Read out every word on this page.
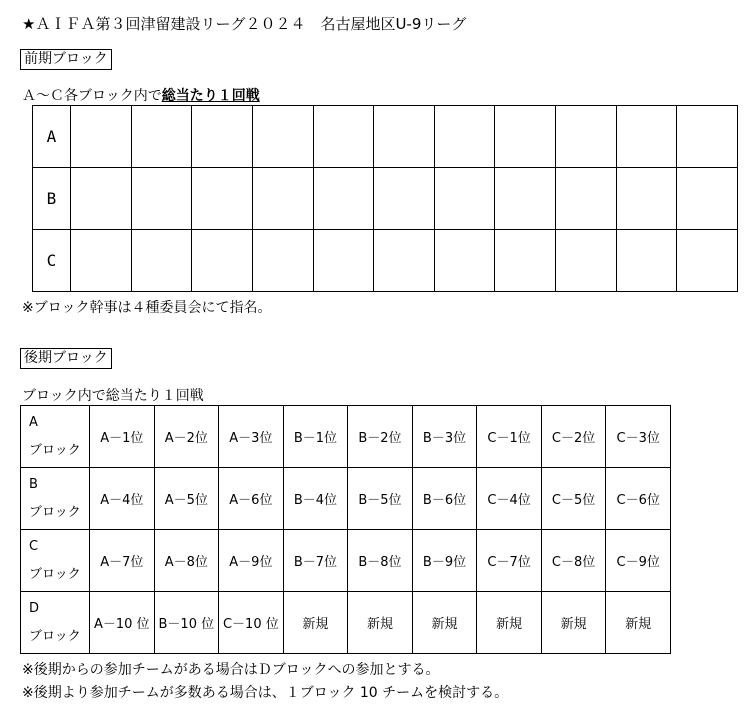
★ＡＩＦＡ第３回津留建設リーグ２０２４　名古屋地区U-9リーグ
前期ブロック
Ａ～Ｃ各ブロック内で総当たり１回戦
A											
B											
C											
※ブロック幹事は４種委員会にて指名。
後期ブロック
ブロック内で総当たり１回戦
A
ブロック	A－1位	A－2位	A－3位	B－1位	B－2位	B－3位	C－1位	C－2位	C－3位

B
ブロック	A－4位	A－5位	A－6位	B－4位	B－5位	B－6位	C－4位	C－5位	C－6位

C
ブロック	A－7位	A－8位	A－9位	B－7位	B－8位	B－9位	C－7位	C－8位	C－9位

D
ブロック	A－10 位	B－10 位	C－10 位	新規	新規	新規	新規	新規	新規
※後期からの参加チームがある場合はＤブロックへの参加とする。
※後期より参加チームが多数ある場合は、１ブロック 10 チームを検討する。
